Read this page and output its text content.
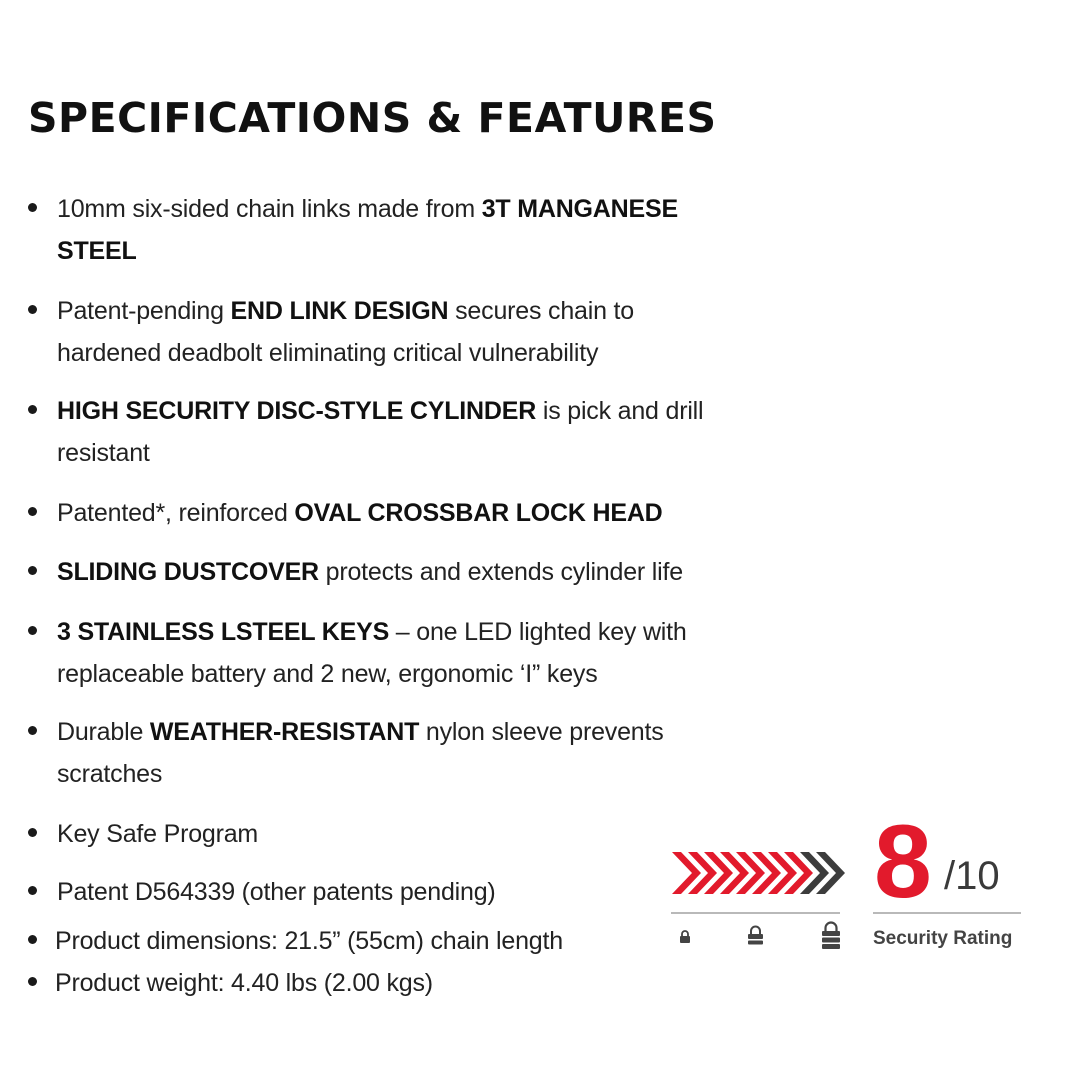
SPECIFICATIONS & FEATURES
10mm six-sided chain links made from 3T MANGANESE STEEL
Patent-pending END LINK DESIGN secures chain to hardened deadbolt eliminating critical vulnerability
HIGH SECURITY DISC-STYLE CYLINDER is pick and drill resistant
Patented*, reinforced OVAL CROSSBAR LOCK HEAD
SLIDING DUSTCOVER protects and extends cylinder life
3 STAINLESS LSTEEL KEYS – one LED lighted key with replaceable battery and 2 new, ergonomic ‘I” keys
Durable WEATHER-RESISTANT nylon sleeve prevents scratches
Key Safe Program
Patent D564339 (other patents pending)
Product dimensions: 21.5” (55cm) chain length
Product weight: 4.40 lbs (2.00 kgs)
8 /10
Security Rating
